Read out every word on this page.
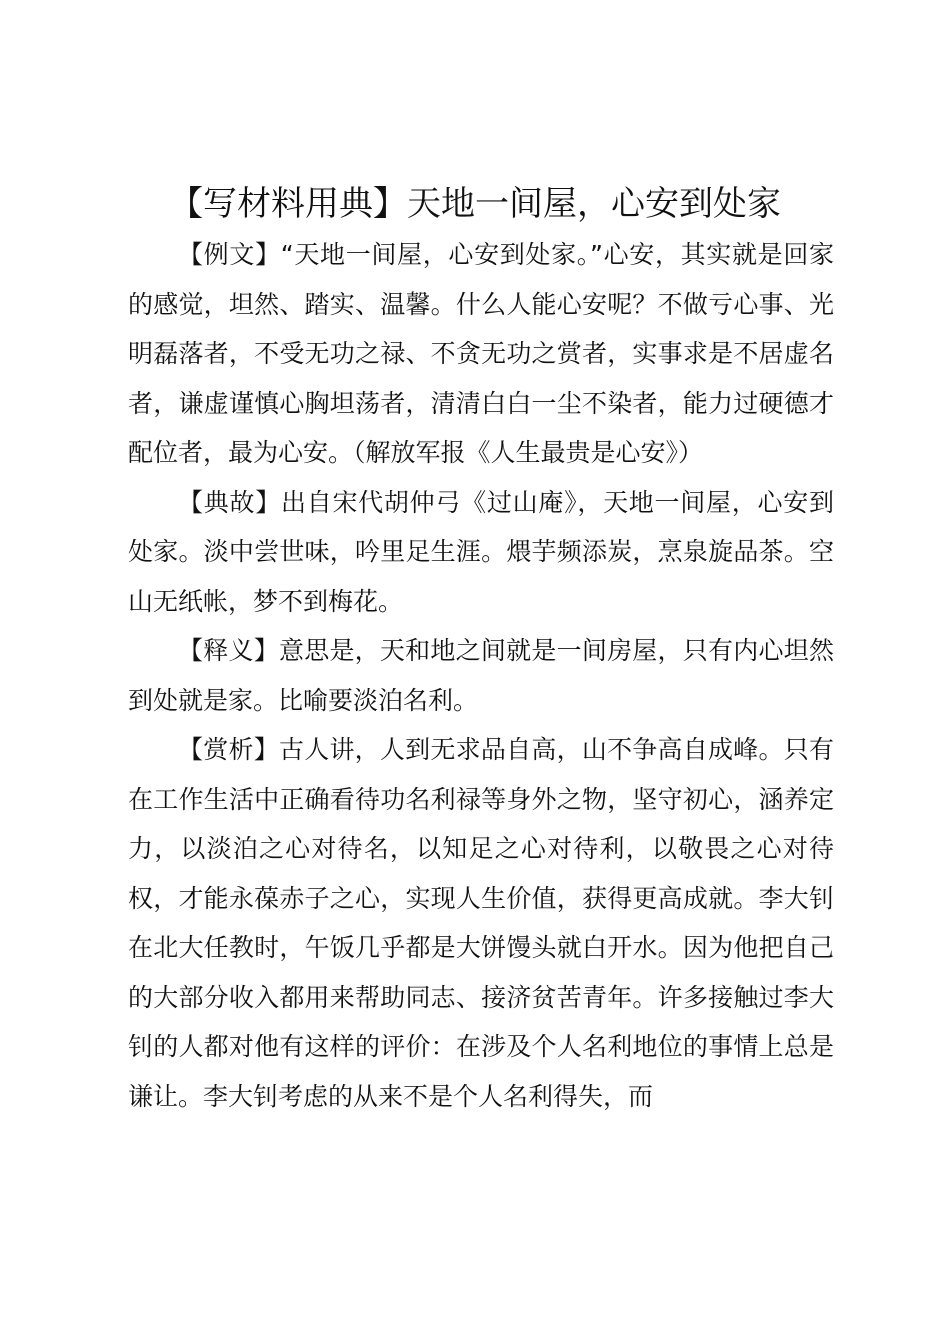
【写材料用典】天地一间屋，心安到处家

【例文】“天地一间屋，心安到处家。”心安，其实就是回家的感觉，坦然、踏实、温馨。什么人能心安呢？不做亏心事、光明磊落者，不受无功之禄、不贪无功之赏者，实事求是不居虚名者，谦虚谨慎心胸坦荡者，清清白白一尘不染者，能力过硬德才配位者，最为心安。（解放军报《人生最贵是心安》）

【典故】出自宋代胡仲弓《过山庵》，天地一间屋，心安到处家。淡中尝世味，吟里足生涯。煨芋频添炭，烹泉旋品茶。空山无纸帐，梦不到梅花。

【释义】意思是，天和地之间就是一间房屋，只有内心坦然到处就是家。比喻要淡泊名利。

【赏析】古人讲，人到无求品自高，山不争高自成峰。只有在工作生活中正确看待功名利禄等身外之物，坚守初心，涵养定力，以淡泊之心对待名，以知足之心对待利，以敬畏之心对待权，才能永葆赤子之心，实现人生价值，获得更高成就。李大钊在北大任教时，午饭几乎都是大饼馒头就白开水。因为他把自己的大部分收入都用来帮助同志、接济贫苦青年。许多接触过李大钊的人都对他有这样的评价：在涉及个人名利地位的事情上总是谦让。李大钊考虑的从来不是个人名利得失，而
